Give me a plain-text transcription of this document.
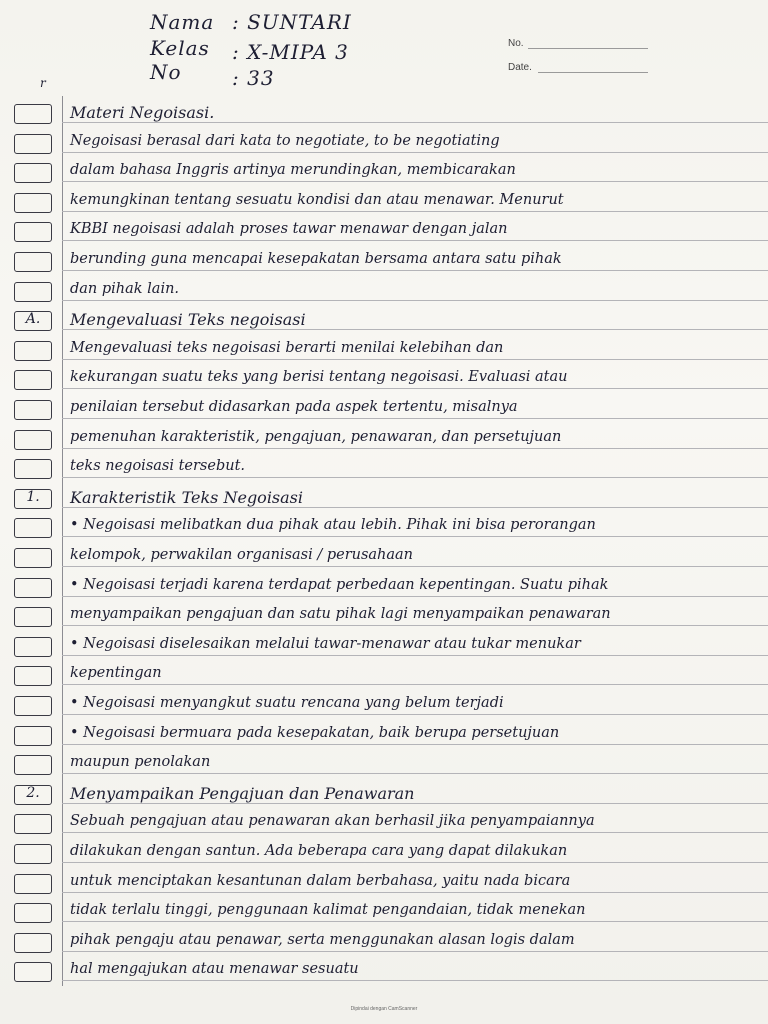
Nama : SUNTARI
Kelas : X-MIPA 3
No	: 33
No.
Date.
r
Materi Negoisasi.
Negoisasi berasal dari kata to negotiate, to be negotiating
dalam bahasa Inggris artinya merundingkan, membicarakan
kemungkinan tentang sesuatu kondisi dan atau menawar. Menurut
KBBI negoisasi adalah proses tawar menawar dengan jalan
berunding guna mencapai kesepakatan bersama antara satu pihak
dan pihak lain.
A.	Mengevaluasi Teks negoisasi
Mengevaluasi teks negoisasi berarti menilai kelebihan dan
kekurangan suatu teks yang berisi tentang negoisasi. Evaluasi atau
penilaian tersebut didasarkan pada aspek tertentu, misalnya
pemenuhan karakteristik, pengajuan, penawaran, dan persetujuan
teks negoisasi tersebut.
1.	Karakteristik Teks Negoisasi
• Negoisasi melibatkan dua pihak atau lebih. Pihak ini bisa perorangan
kelompok, perwakilan organisasi / perusahaan
• Negoisasi terjadi karena terdapat perbedaan kepentingan. Suatu pihak
menyampaikan pengajuan dan satu pihak lagi menyampaikan penawaran
• Negoisasi diselesaikan melalui tawar-menawar atau tukar menukar
kepentingan
• Negoisasi menyangkut suatu rencana yang belum terjadi
• Negoisasi bermuara pada kesepakatan, baik berupa persetujuan
maupun penolakan
2.	Menyampaikan Pengajuan dan Penawaran
Sebuah pengajuan atau penawaran akan berhasil jika penyampaiannya
dilakukan dengan santun. Ada beberapa cara yang dapat dilakukan
untuk menciptakan kesantunan dalam berbahasa, yaitu nada bicara
tidak terlalu tinggi, penggunaan kalimat pengandaian, tidak menekan
pihak pengaju atau penawar, serta menggunakan alasan logis dalam
hal mengajukan atau menawar sesuatu
Dipindai dengan CamScanner
